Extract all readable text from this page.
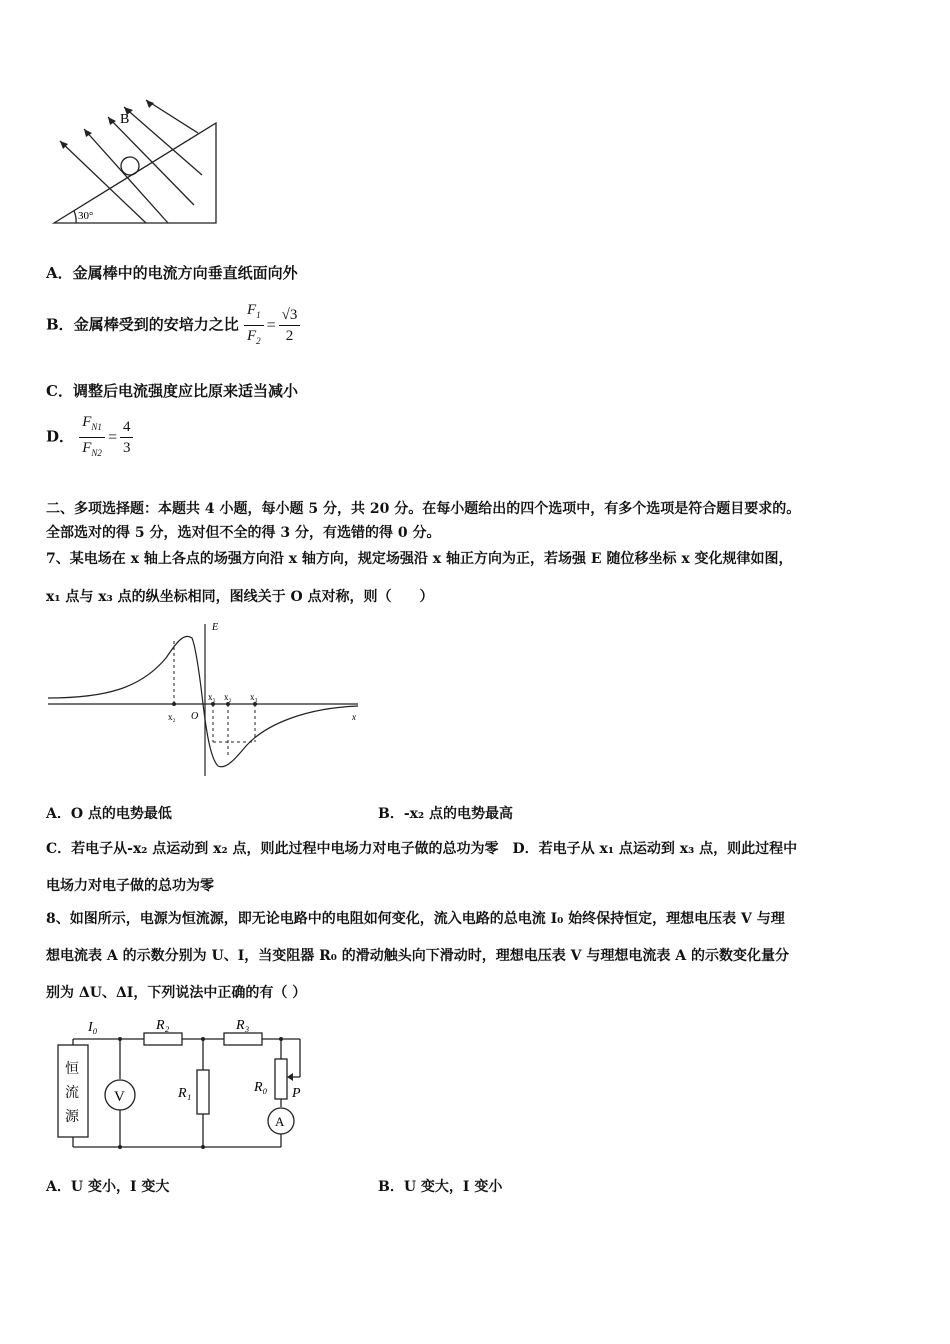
B
30°
A．金属棒中的电流方向垂直纸面向外
B．金属棒受到的安培力之比 $\frac{F_1}{F_2} = \frac{√3}{2}$
C．调整后电流强度应比原来适当减小
D． $\frac{F_{N1}}{F_{N2}} = \frac{4}{3}$
二、多项选择题：本题共 4 小题，每小题 5 分，共 20 分。在每小题给出的四个选项中，有多个选项是符合题目要求的。
全部选对的得 5 分，选对但不全的得 3 分，有选错的得 0 分。
7、某电场在 x 轴上各点的场强方向沿 x 轴方向，规定场强沿 x 轴正方向为正，若场强 E 随位移坐标 x 变化规律如图，
x₁ 点与 x₃ 点的纵坐标相同，图线关于 O 点对称，则（　　）
E
O	x
x₂
x₁ x₂ x₃
A．O 点的电势最低	B．-x₂ 点的电势最高
C．若电子从-x₂ 点运动到 x₂ 点，则此过程中电场力对电子做的总功为零　D．若电子从 x₁ 点运动到 x₃ 点，则此过程中
电场力对电子做的总功为零
8、如图所示，电源为恒流源，即无论电路中的电阻如何变化，流入电路的总电流 I₀ 始终保持恒定，理想电压表 V 与理
想电流表 A 的示数分别为 U、I，当变阻器 R₀ 的滑动触头向下滑动时，理想电压表 V 与理想电流表 A 的示数变化量分
别为 ΔU、ΔI，下列说法中正确的有（ ）
I₀	R₂	R₃
R₁	R₀ P
V
A
恒
流
源
A．U 变小，I 变大	B．U 变大，I 变小
